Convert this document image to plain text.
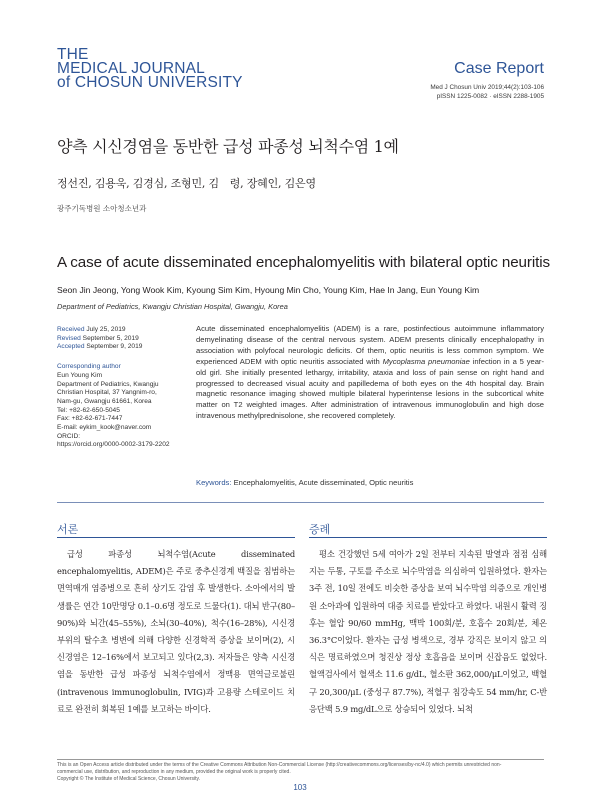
THE
MEDICAL JOURNAL
of CHOSUN UNIVERSITY
Case Report
Med J Chosun Univ 2019;44(2):103-106
pISSN 1225-0082 · eISSN 2288-1905
양측 시신경염을 동반한 급성 파종성 뇌척수염 1예
정선진, 김용욱, 김경심, 조형민, 김　령, 장혜인, 김은영
광주기독병원 소아청소년과
A case of acute disseminated encephalomyelitis with bilateral optic neuritis
Seon Jin Jeong, Yong Wook Kim, Kyoung Sim Kim, Hyoung Min Cho, Young Kim, Hae In Jang, Eun Young Kim
Department of Pediatrics, Kwangju Christian Hospital, Gwangju, Korea
Received July 25, 2019
Revised September 5, 2019
Accepted September 9, 2019
Corresponding author
Eun Young Kim
Department of Pediatrics, Kwangju
Christian Hospital, 37 Yangnim-ro,
Nam-gu, Gwangju 61661, Korea
Tel: +82-62-650-5045
Fax: +82-62-671-7447
E-mail: eykim_kook@naver.com
ORCID:
https://orcid.org/0000-0002-3179-2202
Acute disseminated encephalomyelitis (ADEM) is a rare, postinfectious autoimmune inflammatory demyelinating disease of the central nervous system. ADEM presents clinically encephalopathy in association with polyfocal neurologic deficits. Of them, optic neuritis is less common symptom. We experienced ADEM with optic neuritis associated with Mycoplasma pneumoniae infection in a 5 year-old girl. She initially presented lethargy, irritability, ataxia and loss of pain sense on right hand and progressed to decreased visual acuity and papilledema of both eyes on the 4th hospital day. Brain magnetic resonance imaging showed multiple bilateral hyperintense lesions in the subcortical white matter on T2 weighted images. After administration of intravenous immunoglobulin and high dose intravenous methylprednisolone, she recovered completely.
Keywords: Encephalomyelitis, Acute disseminated, Optic neuritis
서론
급성 파종성 뇌척수염(Acute disseminated encephalomyelitis, ADEM)은 주로 중추신경계 백질을 침범하는 면역매개 염증병으로 흔히 상기도 감염 후 발생한다. 소아에서의 발생률은 연간 10만명당 0.1–0.6명 정도로 드물다(1). 대뇌 반구(80–90%)와 뇌간(45–55%), 소뇌(30–40%), 척수(16–28%), 시신경 부위의 탈수초 병변에 의해 다양한 신경학적 증상을 보이며(2), 시신경염은 12–16%에서 보고되고 있다(2,3). 저자들은 양측 시신경염을 동반한 급성 파종성 뇌척수염에서 정맥용 면역글로불린(intravenous immunoglobulin, IVIG)과 고용량 스테로이드 치료로 완전히 회복된 1예를 보고하는 바이다.
증례
평소 건강했던 5세 여아가 2일 전부터 지속된 발열과 점점 심해지는 두통, 구토를 주소로 뇌수막염을 의심하여 입원하였다. 환자는 3주 전, 10일 전에도 비슷한 증상을 보여 뇌수막염 의증으로 개인병원 소아과에 입원하여 대증 치료를 받았다고 하였다. 내원시 활력 징후는 혈압 90/60 mmHg, 맥박 100회/분, 호흡수 20회/분, 체온 36.3°C이었다. 환자는 급성 병색으로, 경부 강직은 보이지 않고 의식은 명료하였으며 청진상 정상 호흡음을 보이며 신잡음도 없었다. 혈액검사에서 혈색소 11.6 g/dL, 혈소판 362,000/μL이었고, 백혈구 20,300/μL (중성구 87.7%), 적혈구 침강속도 54 mm/hr, C-반응단백 5.9 mg/dL으로 상승되어 있었다. 뇌척
This is an Open Access article distributed under the terms of the Creative Commons Attribution Non-Commercial License (http://creativecommons.org/licenses/by-nc/4.0) which permits unrestricted non-
commercial use, distribution, and reproduction in any medium, provided the original work is properly cited.
Copyright © The Institute of Medical Science, Chosun University.
103
